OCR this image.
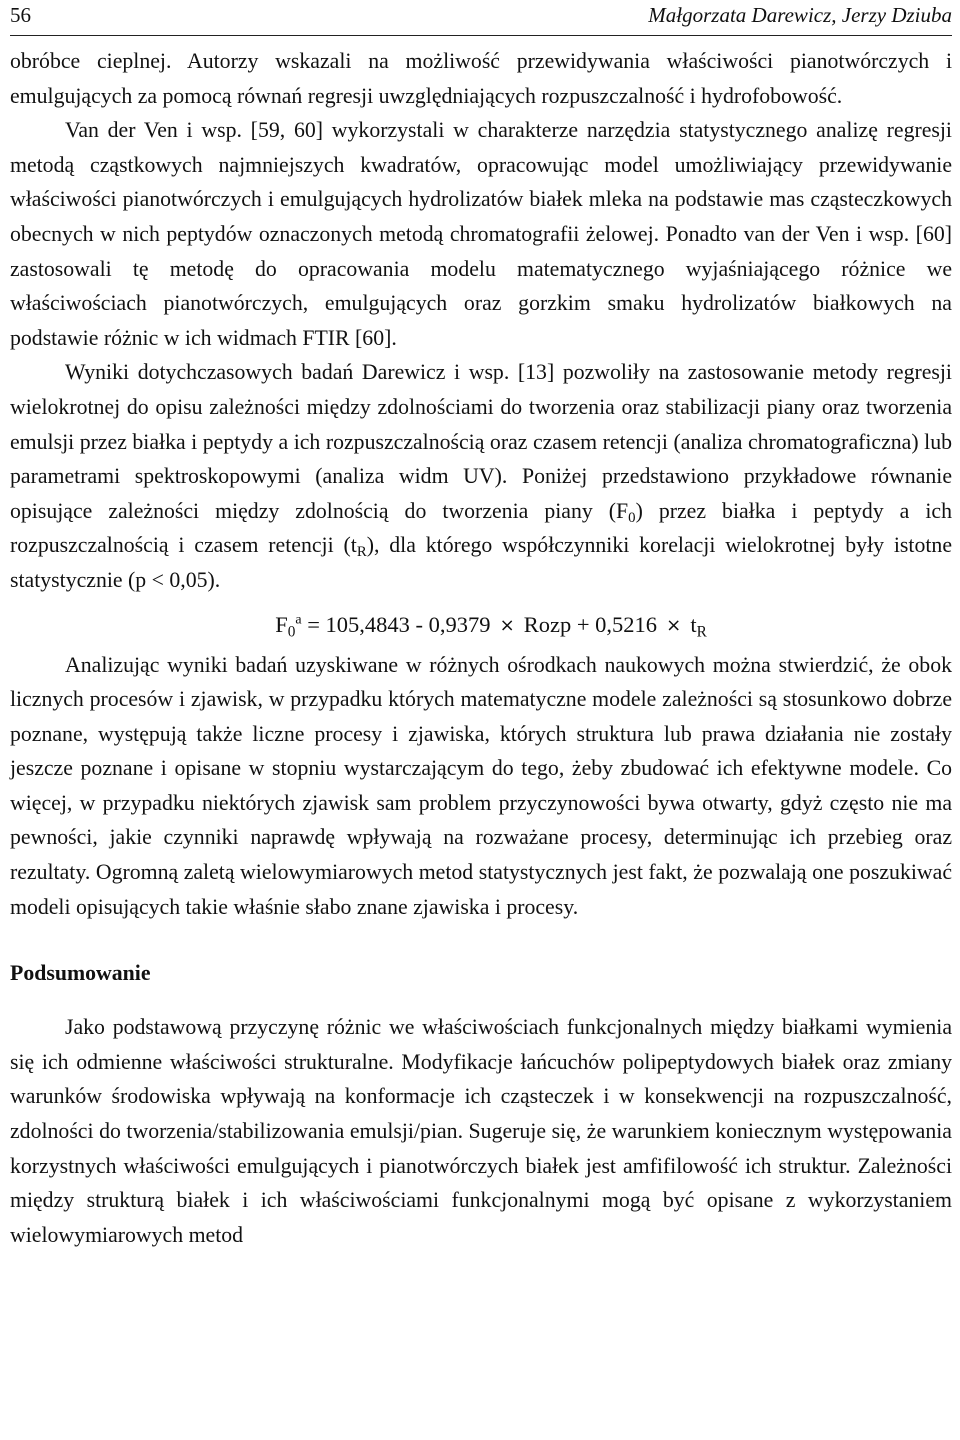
56	Małgorzata Darewicz, Jerzy Dziuba

obróbce cieplnej. Autorzy wskazali na możliwość przewidywania właściwości pianotwórczych i emulgujących za pomocą równań regresji uwzględniających rozpuszczalność i hydrofobowość.

Van der Ven i wsp. [59, 60] wykorzystali w charakterze narzędzia statystycznego analizę regresji metodą cząstkowych najmniejszych kwadratów, opracowując model umożliwiający przewidywanie właściwości pianotwórczych i emulgujących hydrolizatów białek mleka na podstawie mas cząsteczkowych obecnych w nich peptydów oznaczonych metodą chromatografii żelowej. Ponadto van der Ven i wsp. [60] zastosowali tę metodę do opracowania modelu matematycznego wyjaśniającego różnice we właściwościach pianotwórczych, emulgujących oraz gorzkim smaku hydrolizatów białkowych na podstawie różnic w ich widmach FTIR [60].

Wyniki dotychczasowych badań Darewicz i wsp. [13] pozwoliły na zastosowanie metody regresji wielokrotnej do opisu zależności między zdolnościami do tworzenia oraz stabilizacji piany oraz tworzenia emulsji przez białka i peptydy a ich rozpuszczalnością oraz czasem retencji (analiza chromatograficzna) lub parametrami spektroskopowymi (analiza widm UV). Poniżej przedstawiono przykładowe równanie opisujące zależności między zdolnością do tworzenia piany $(F_0)$ przez białka i peptydy a ich rozpuszczalnością i czasem retencji $(t_R)$, dla którego współczynniki korelacji wielokrotnej były istotne statystycznie (p < 0,05).

$F_0^a = 105,4843 - 0,9379$ × Rozp + $0,5216 \times t_R$

Analizując wyniki badań uzyskiwane w różnych ośrodkach naukowych można stwierdzić, że obok licznych procesów i zjawisk, w przypadku których matematyczne modele zależności są stosunkowo dobrze poznane, występują także liczne procesy i zjawiska, których struktura lub prawa działania nie zostały jeszcze poznane i opisane w stopniu wystarczającym do tego, żeby zbudować ich efektywne modele. Co więcej, w przypadku niektórych zjawisk sam problem przyczynowości bywa otwarty, gdyż często nie ma pewności, jakie czynniki naprawdę wpływają na rozważane procesy, determinując ich przebieg oraz rezultaty. Ogromną zaletą wielowymiarowych metod statystycznych jest fakt, że pozwalają one poszukiwać modeli opisujących takie właśnie słabo znane zjawiska i procesy.

Podsumowanie

Jako podstawową przyczynę różnic we właściwościach funkcjonalnych między białkami wymienia się ich odmienne właściwości strukturalne. Modyfikacje łańcuchów polipeptydowych białek oraz zmiany warunków środowiska wpływają na konformacje ich cząsteczek i w konsekwencji na rozpuszczalność, zdolności do tworzenia/stabilizowania emulsji/pian. Sugeruje się, że warunkiem koniecznym występowania korzystnych właściwości emulgujących i pianotwórczych białek jest amfifilowość ich struktur. Zależności między strukturą białek i ich właściwościami funkcjonalnymi mogą być opisane z wykorzystaniem wielowymiarowych metod
